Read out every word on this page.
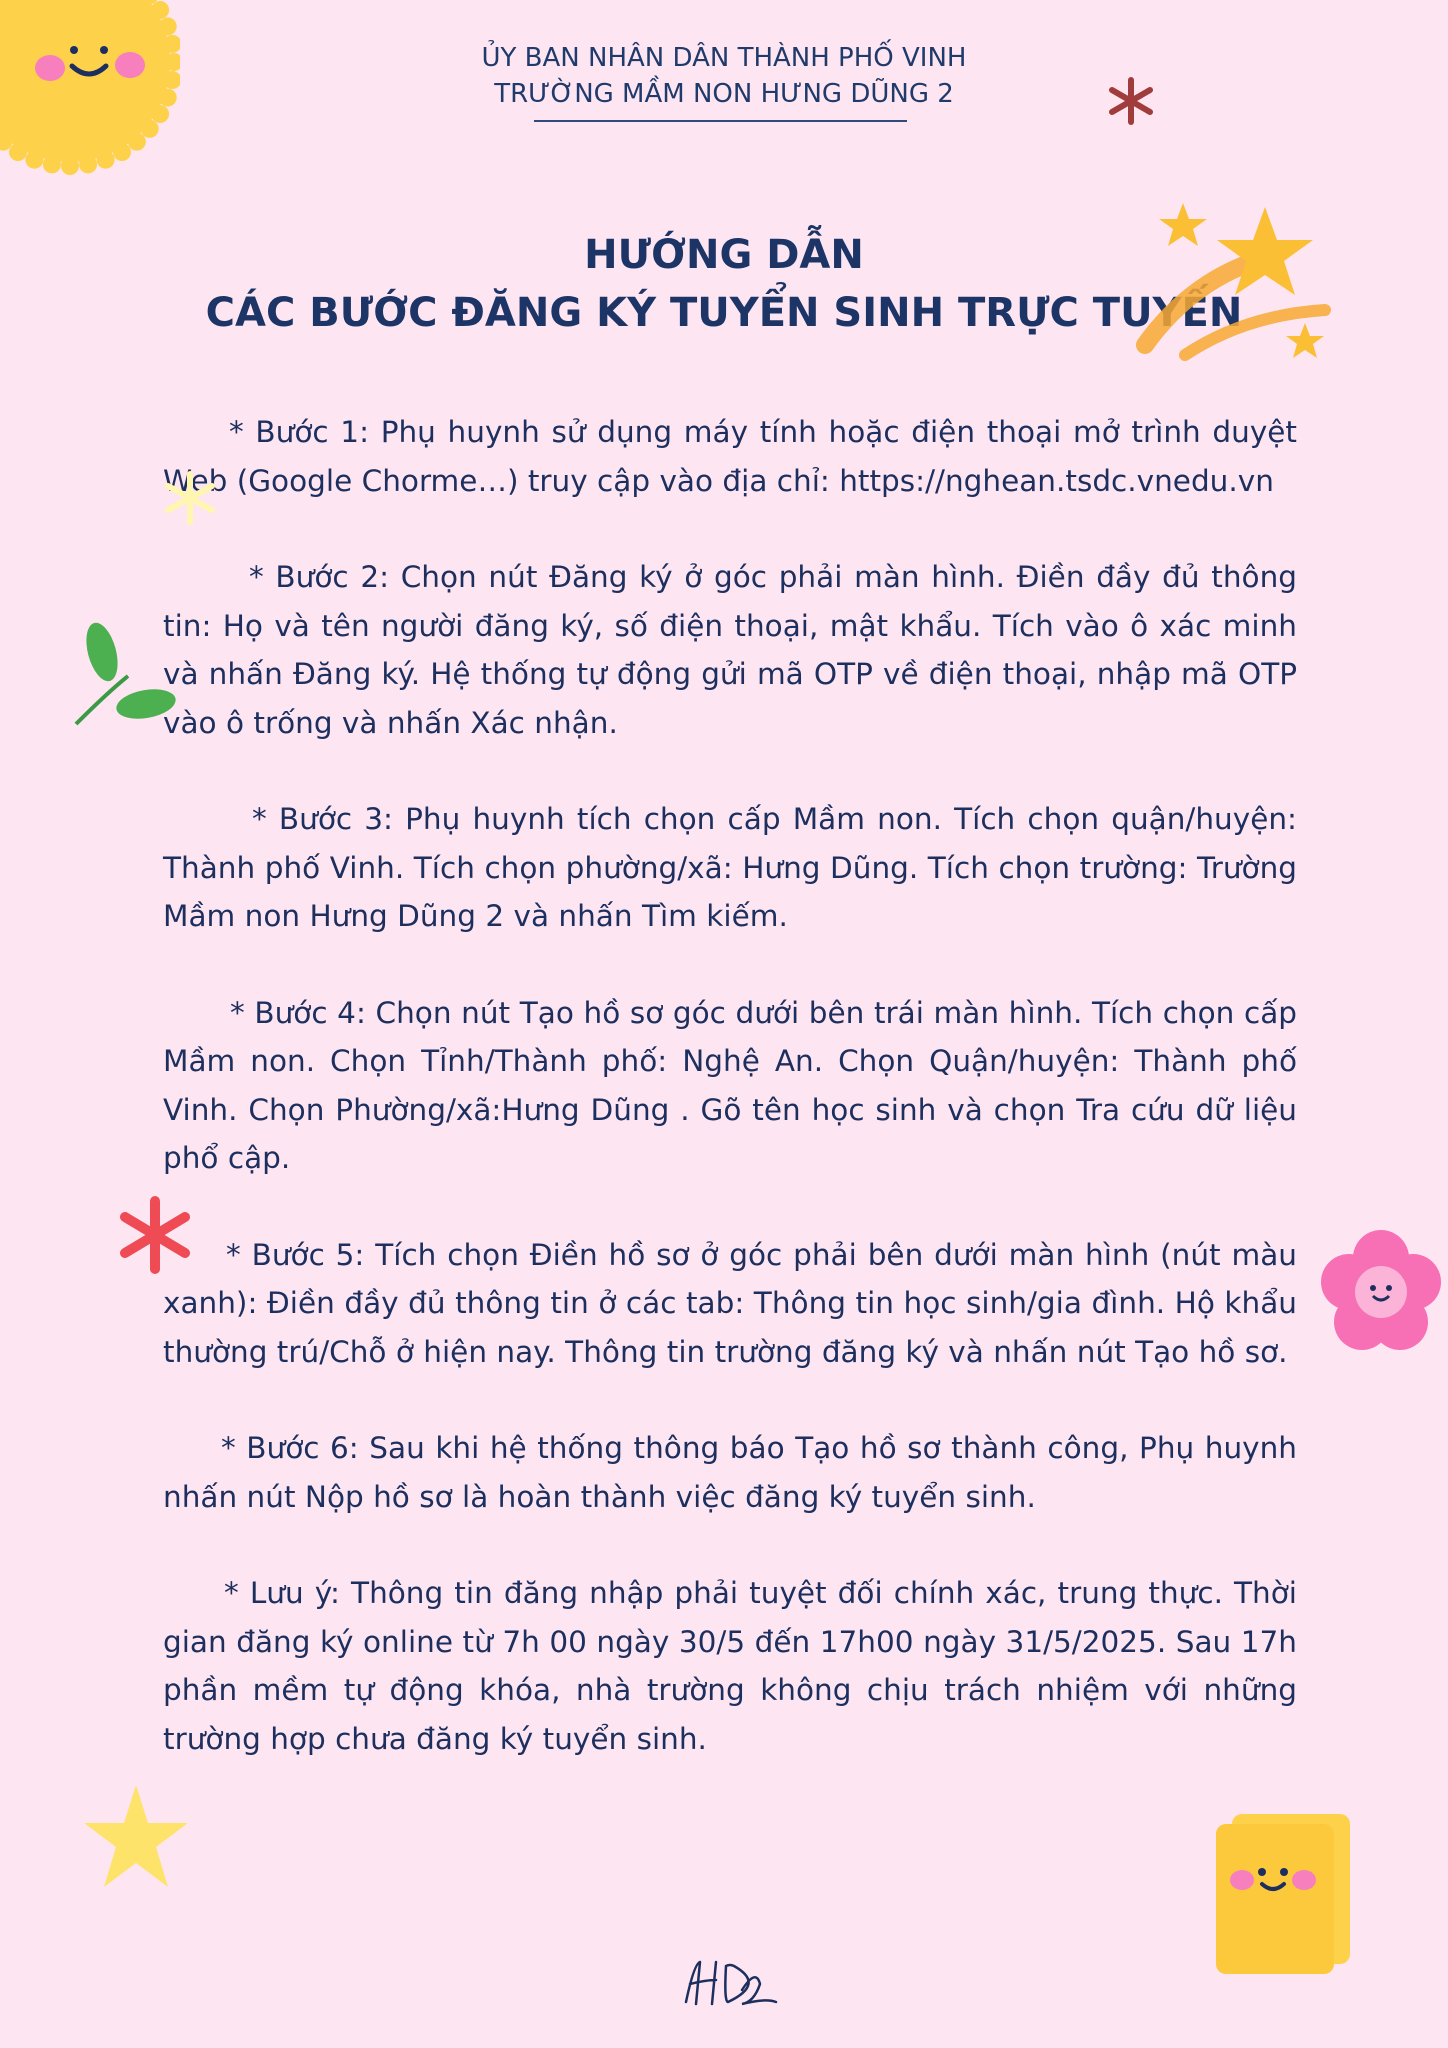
ỦY BAN NHÂN DÂN THÀNH PHỐ VINH
TRƯỜNG MẦM NON HƯNG DŨNG 2
HƯỚNG DẪN
CÁC BƯỚC ĐĂNG KÝ TUYỂN SINH TRỰC TUYẾN

* Bước 1: Phụ huynh sử dụng máy tính hoặc điện thoại mở trình duyệt Web (Google Chorme…) truy cập vào địa chỉ: https://nghean.tsdc.vnedu.vn

* Bước 2: Chọn nút Đăng ký ở góc phải màn hình. Điền đầy đủ thông tin: Họ và tên người đăng ký, số điện thoại, mật khẩu. Tích vào ô xác minh và nhấn Đăng ký. Hệ thống tự động gửi mã OTP về điện thoại, nhập mã OTP vào ô trống và nhấn Xác nhận.

* Bước 3: Phụ huynh tích chọn cấp Mầm non. Tích chọn quận/huyện: Thành phố Vinh. Tích chọn phường/xã: Hưng Dũng. Tích chọn trường: Trường Mầm non Hưng Dũng 2 và nhấn Tìm kiếm.

* Bước 4: Chọn nút Tạo hồ sơ góc dưới bên trái màn hình. Tích chọn cấp Mầm non. Chọn Tỉnh/Thành phố: Nghệ An. Chọn Quận/huyện: Thành phố Vinh. Chọn Phường/xã:Hưng Dũng . Gõ tên học sinh và chọn Tra cứu dữ liệu phổ cập.

* Bước 5: Tích chọn Điền hồ sơ ở góc phải bên dưới màn hình (nút màu xanh): Điền đầy đủ thông tin ở các tab: Thông tin học sinh/gia đình. Hộ khẩu thường trú/Chỗ ở hiện nay. Thông tin trường đăng ký và nhấn nút Tạo hồ sơ.

* Bước 6: Sau khi hệ thống thông báo Tạo hồ sơ thành công, Phụ huynh nhấn nút Nộp hồ sơ là hoàn thành việc đăng ký tuyển sinh.

* Lưu ý: Thông tin đăng nhập phải tuyệt đối chính xác, trung thực. Thời gian đăng ký online từ 7h 00 ngày 30/5 đến 17h00 ngày 31/5/2025. Sau 17h phần mềm tự động khóa, nhà trường không chịu trách nhiệm với những trường hợp chưa đăng ký tuyển sinh.
